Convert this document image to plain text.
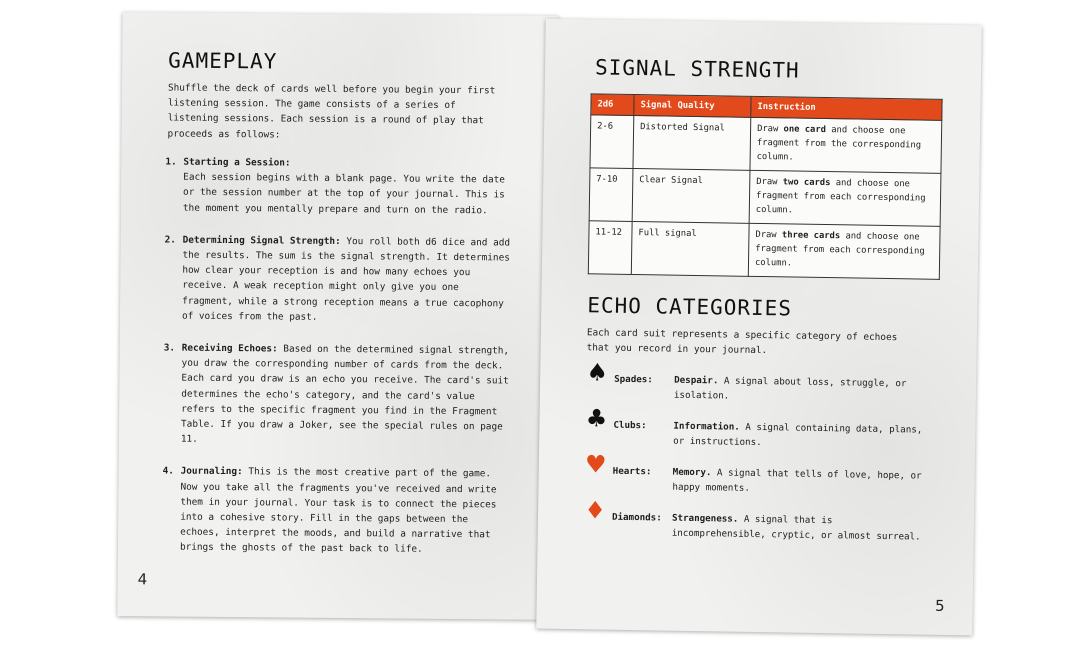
GAMEPLAY

Shuffle the deck of cards well before you begin your first listening session. The game consists of a series of listening sessions. Each session is a round of play that proceeds as follows:

1. Starting a Session:
Each session begins with a blank page. You write the date or the session number at the top of your journal. This is the moment you mentally prepare and turn on the radio.
2. Determining Signal Strength: You roll both d6 dice and add the results. The sum is the signal strength. It determines how clear your reception is and how many echoes you receive. A weak reception might only give you one fragment, while a strong reception means a true cacophony of voices from the past.
3. Receiving Echoes: Based on the determined signal strength, you draw the corresponding number of cards from the deck. Each card you draw is an echo you receive. The card's suit determines the echo's category, and the card's value refers to the specific fragment you find in the Fragment Table. If you draw a Joker, see the special rules on page 11.
4. Journaling: This is the most creative part of the game. Now you take all the fragments you've received and write them in your journal. Your task is to connect the pieces into a cohesive story. Fill in the gaps between the echoes, interpret the moods, and build a narrative that brings the ghosts of the past back to life.
4
SIGNAL STRENGTH
2d6	Signal Quality	Instruction
2-6	Distorted Signal	Draw one card and choose one fragment from the corresponding column.
7-10	Clear Signal	Draw two cards and choose one fragment from each corresponding column.
11-12	Full signal	Draw three cards and choose one fragment from each corresponding column.
ECHO CATEGORIES

Each card suit represents a specific category of echoes that you record in your journal.

♠ Spades:	Despair. A signal about loss, struggle, or isolation.
♣ Clubs:	Information. A signal containing data, plans, or instructions.
♥ Hearts:	Memory. A signal that tells of love, hope, or happy moments.
♦ Diamonds:	Strangeness. A signal that is incomprehensible, cryptic, or almost surreal.
5
